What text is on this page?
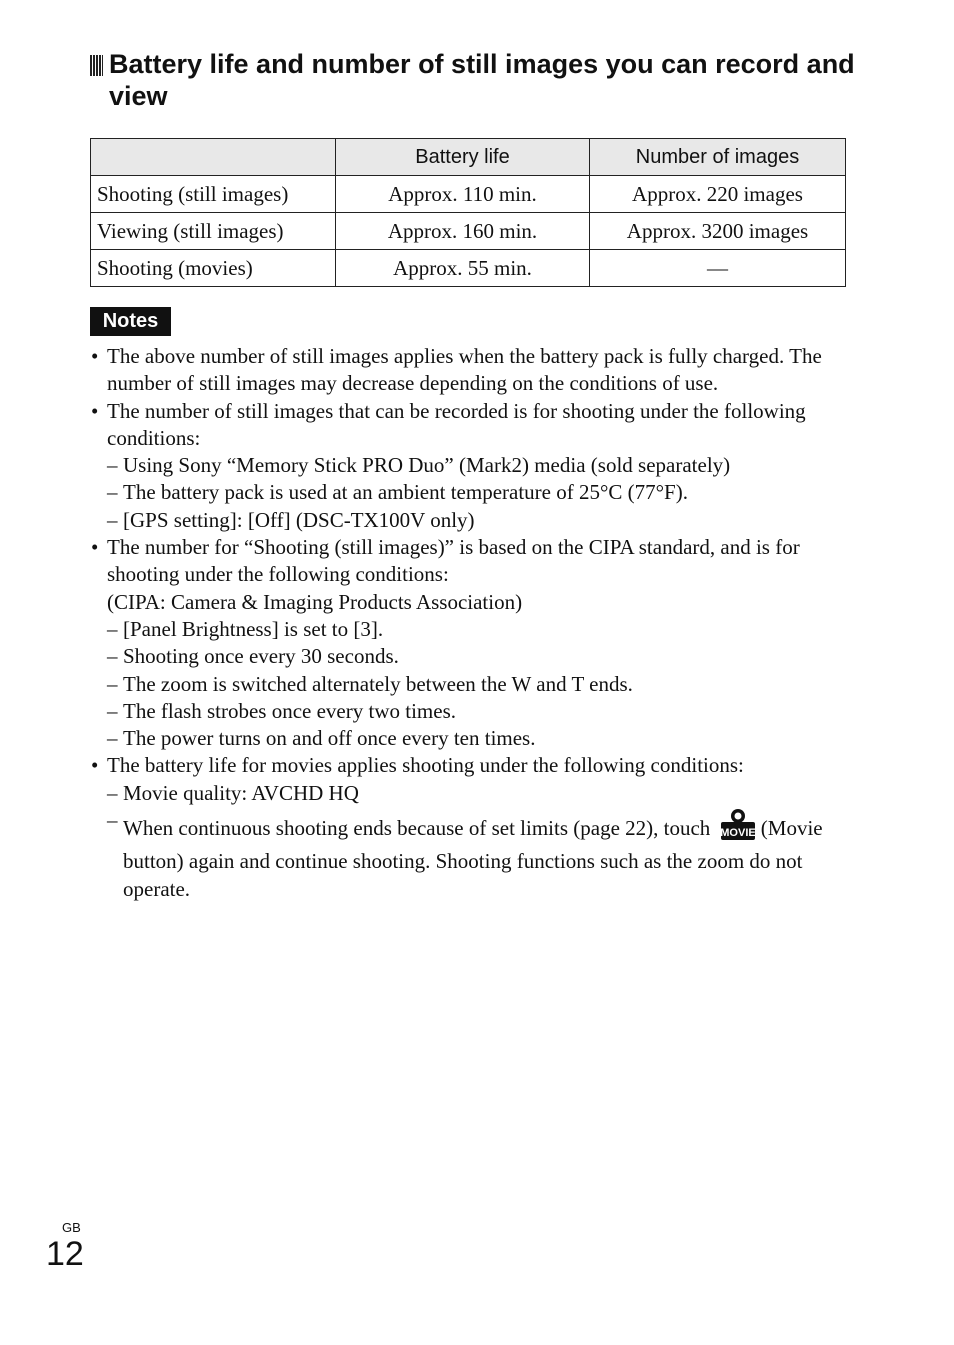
Battery life and number of still images you can record and view
	Battery life	Number of images
Shooting (still images)	Approx. 110 min.	Approx. 220 images
Viewing (still images)	Approx. 160 min.	Approx. 3200 images
Shooting (movies)	Approx. 55 min.	—
Notes
• The above number of still images applies when the battery pack is fully charged. The number of still images may decrease depending on the conditions of use.
• The number of still images that can be recorded is for shooting under the following conditions:
– Using Sony “Memory Stick PRO Duo” (Mark2) media (sold separately)
– The battery pack is used at an ambient temperature of 25°C (77°F).
– [GPS setting]: [Off] (DSC-TX100V only)
• The number for “Shooting (still images)” is based on the CIPA standard, and is for shooting under the following conditions:
(CIPA: Camera & Imaging Products Association)
– [Panel Brightness] is set to [3].
– Shooting once every 30 seconds.
– The zoom is switched alternately between the W and T ends.
– The flash strobes once every two times.
– The power turns on and off once every ten times.
• The battery life for movies applies shooting under the following conditions:
– Movie quality: AVCHD HQ
– When continuous shooting ends because of set limits (page 22), touch MOVIE (Movie button) again and continue shooting. Shooting functions such as the zoom do not operate.
GB
12
